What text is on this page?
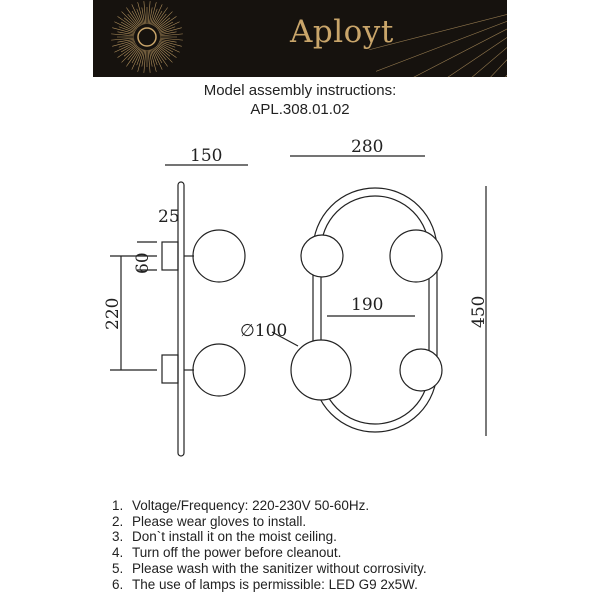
Aployt
Model assembly instructions:
APL.308.01.02
150	280
25
60
220
∅100
190	450
1. Voltage/Frequency: 220-230V 50-60Hz.
2. Please wear gloves to install.
3. Don`t install it on the moist ceiling.
4. Turn off the power before cleanout.
5. Please wash with the sanitizer without corrosivity.
6. The use of lamps is permissible: LED G9 2x5W.
